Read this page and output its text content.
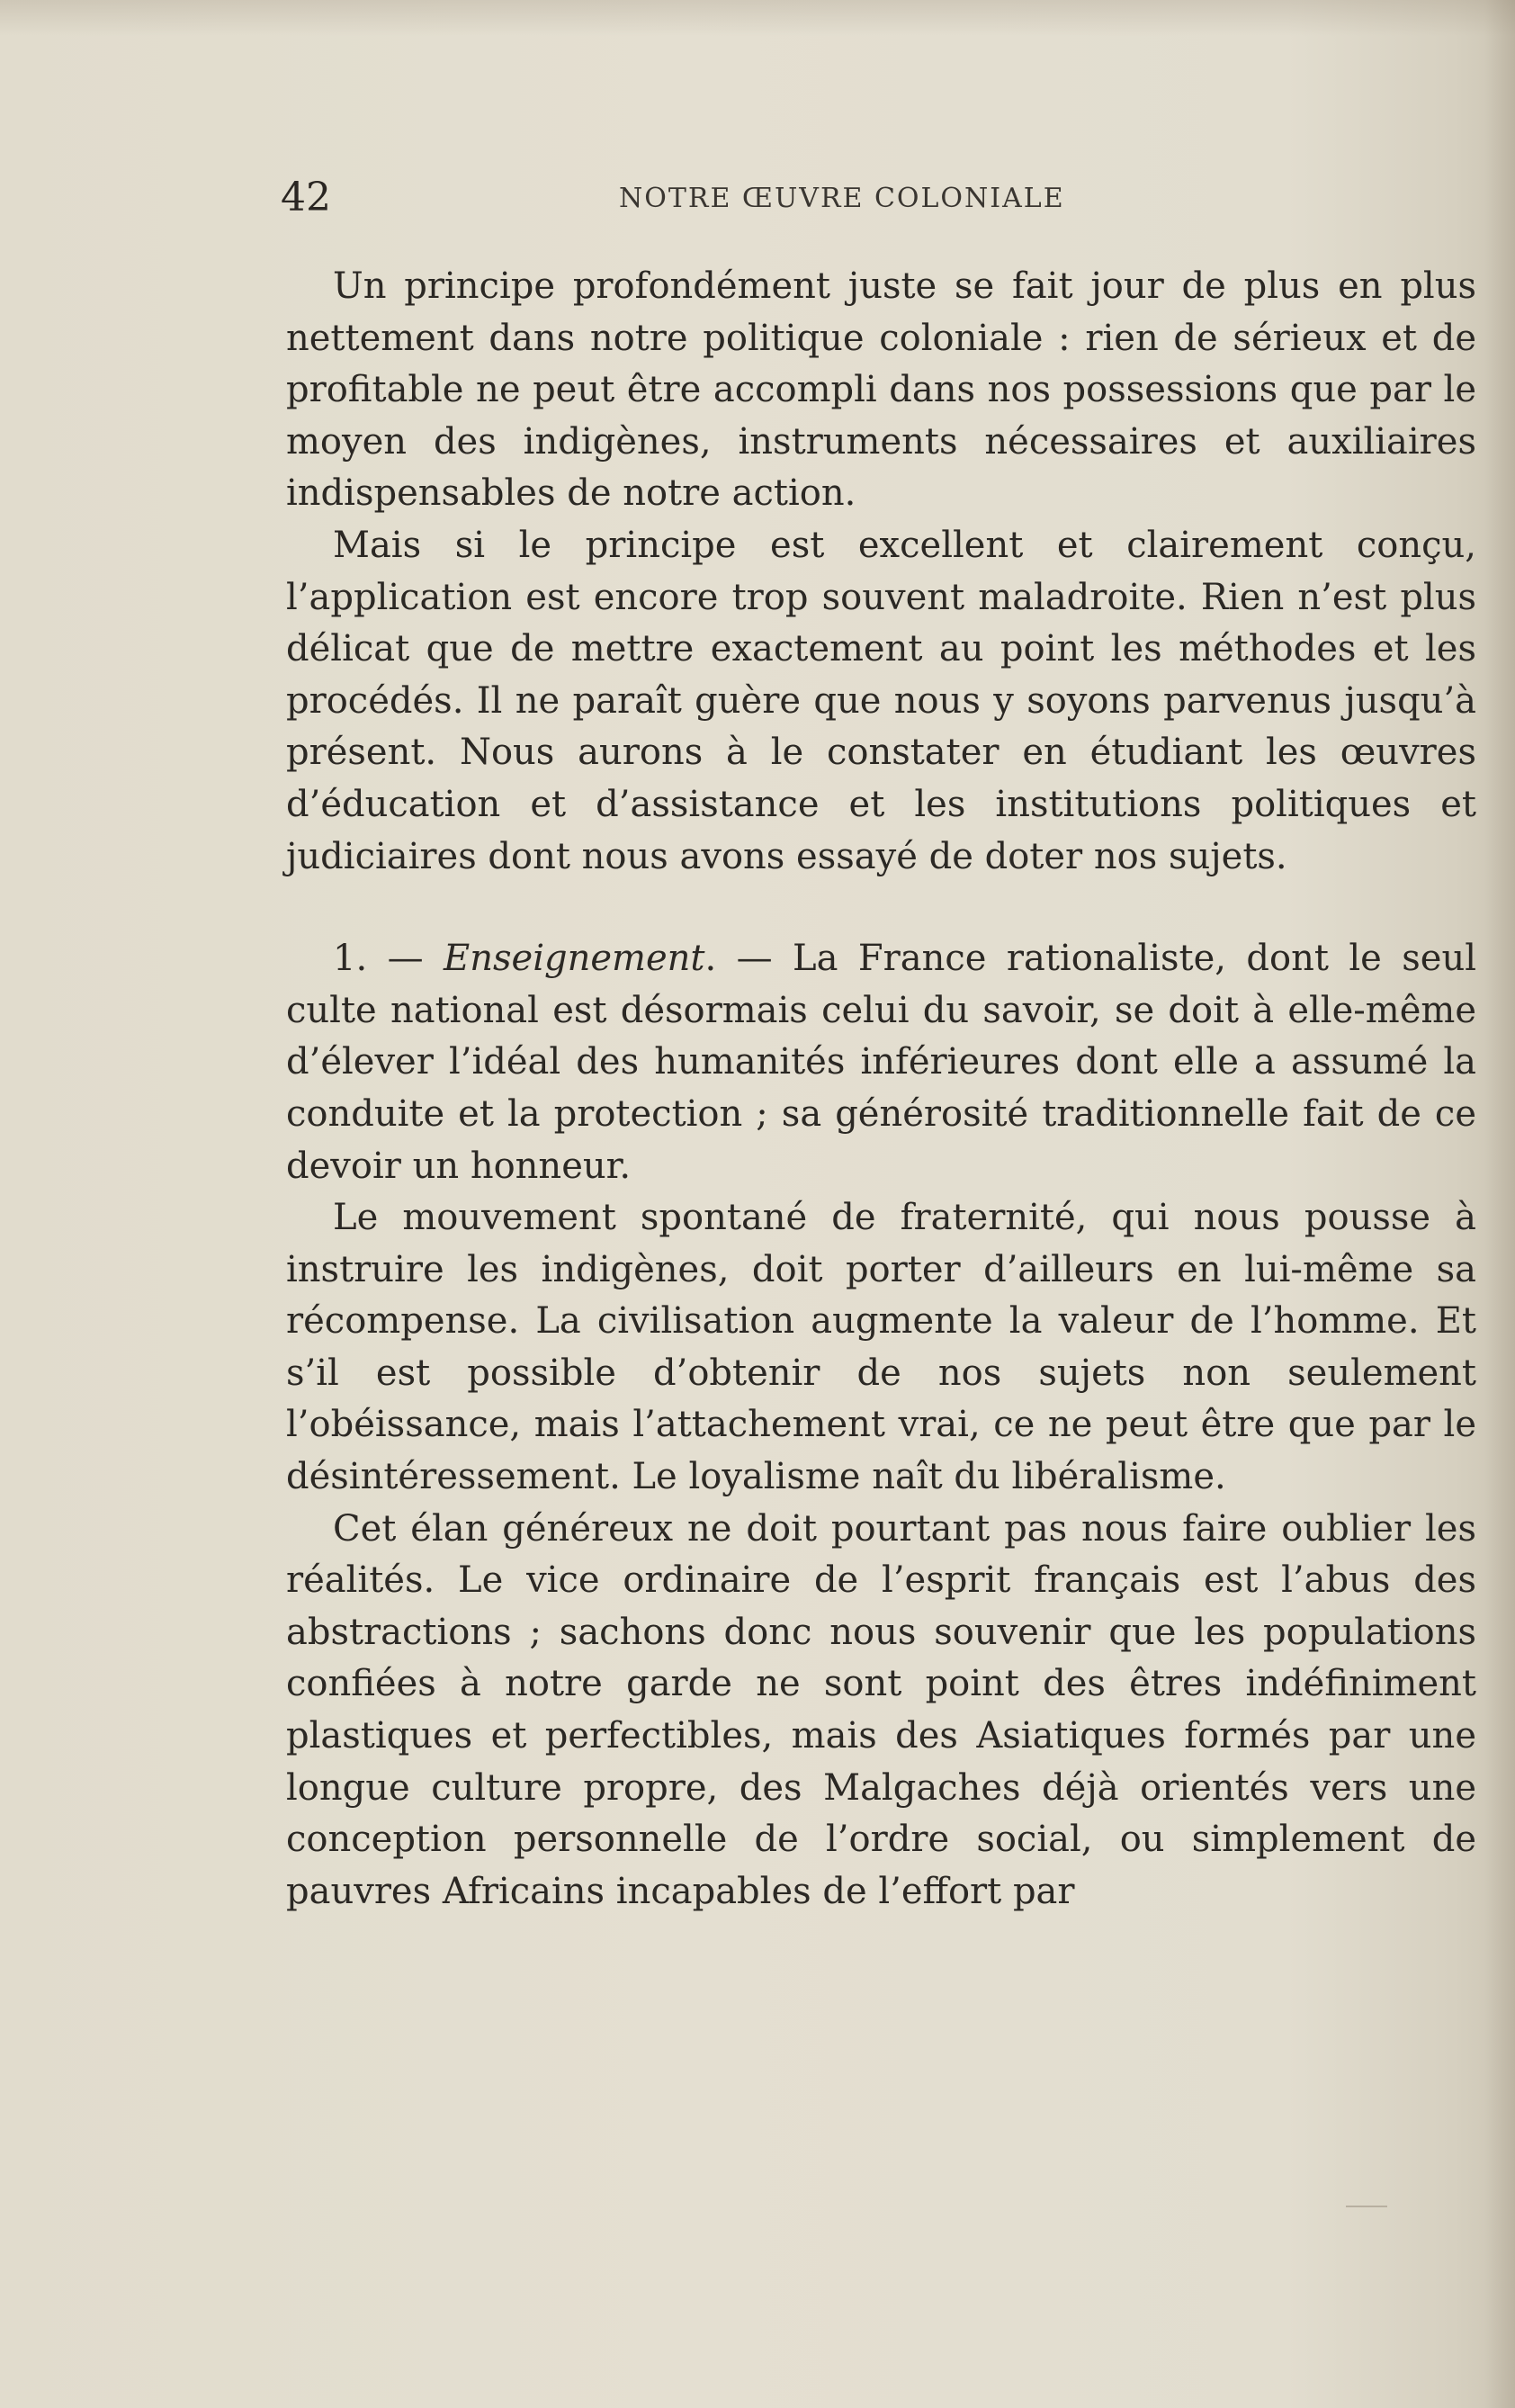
42	NOTRE ŒUVRE COLONIALE

Un principe profondément juste se fait jour de plus en plus nettement dans notre politique coloniale : rien de sérieux et de profitable ne peut être accompli dans nos possessions que par le moyen des indigènes, instruments nécessaires et auxiliaires indispensables de notre action.

Mais si le principe est excellent et clairement conçu, l’application est encore trop souvent maladroite. Rien n’est plus délicat que de mettre exactement au point les méthodes et les procédés. Il ne paraît guère que nous y soyons parvenus jusqu’à présent. Nous aurons à le constater en étudiant les œuvres d’éducation et d’assistance et les institutions politiques et judiciaires dont nous avons essayé de doter nos sujets.

1. — Enseignement. — La France rationaliste, dont le seul culte national est désormais celui du savoir, se doit à elle-même d’élever l’idéal des humanités inférieures dont elle a assumé la conduite et la protection ; sa générosité traditionnelle fait de ce devoir un honneur.

Le mouvement spontané de fraternité, qui nous pousse à instruire les indigènes, doit porter d’ailleurs en lui-même sa récompense. La civilisation augmente la valeur de l’homme. Et s’il est possible d’obtenir de nos sujets non seulement l’obéissance, mais l’attachement vrai, ce ne peut être que par le désintéressement. Le loyalisme naît du libéralisme.

Cet élan généreux ne doit pourtant pas nous faire oublier les réalités. Le vice ordinaire de l’esprit français est l’abus des abstractions ; sachons donc nous souvenir que les populations confiées à notre garde ne sont point des êtres indéfiniment plastiques et perfectibles, mais des Asiatiques formés par une longue culture propre, des Malgaches déjà orientés vers une conception personnelle de l’ordre social, ou simplement de pauvres Africains incapables de l’effort par
